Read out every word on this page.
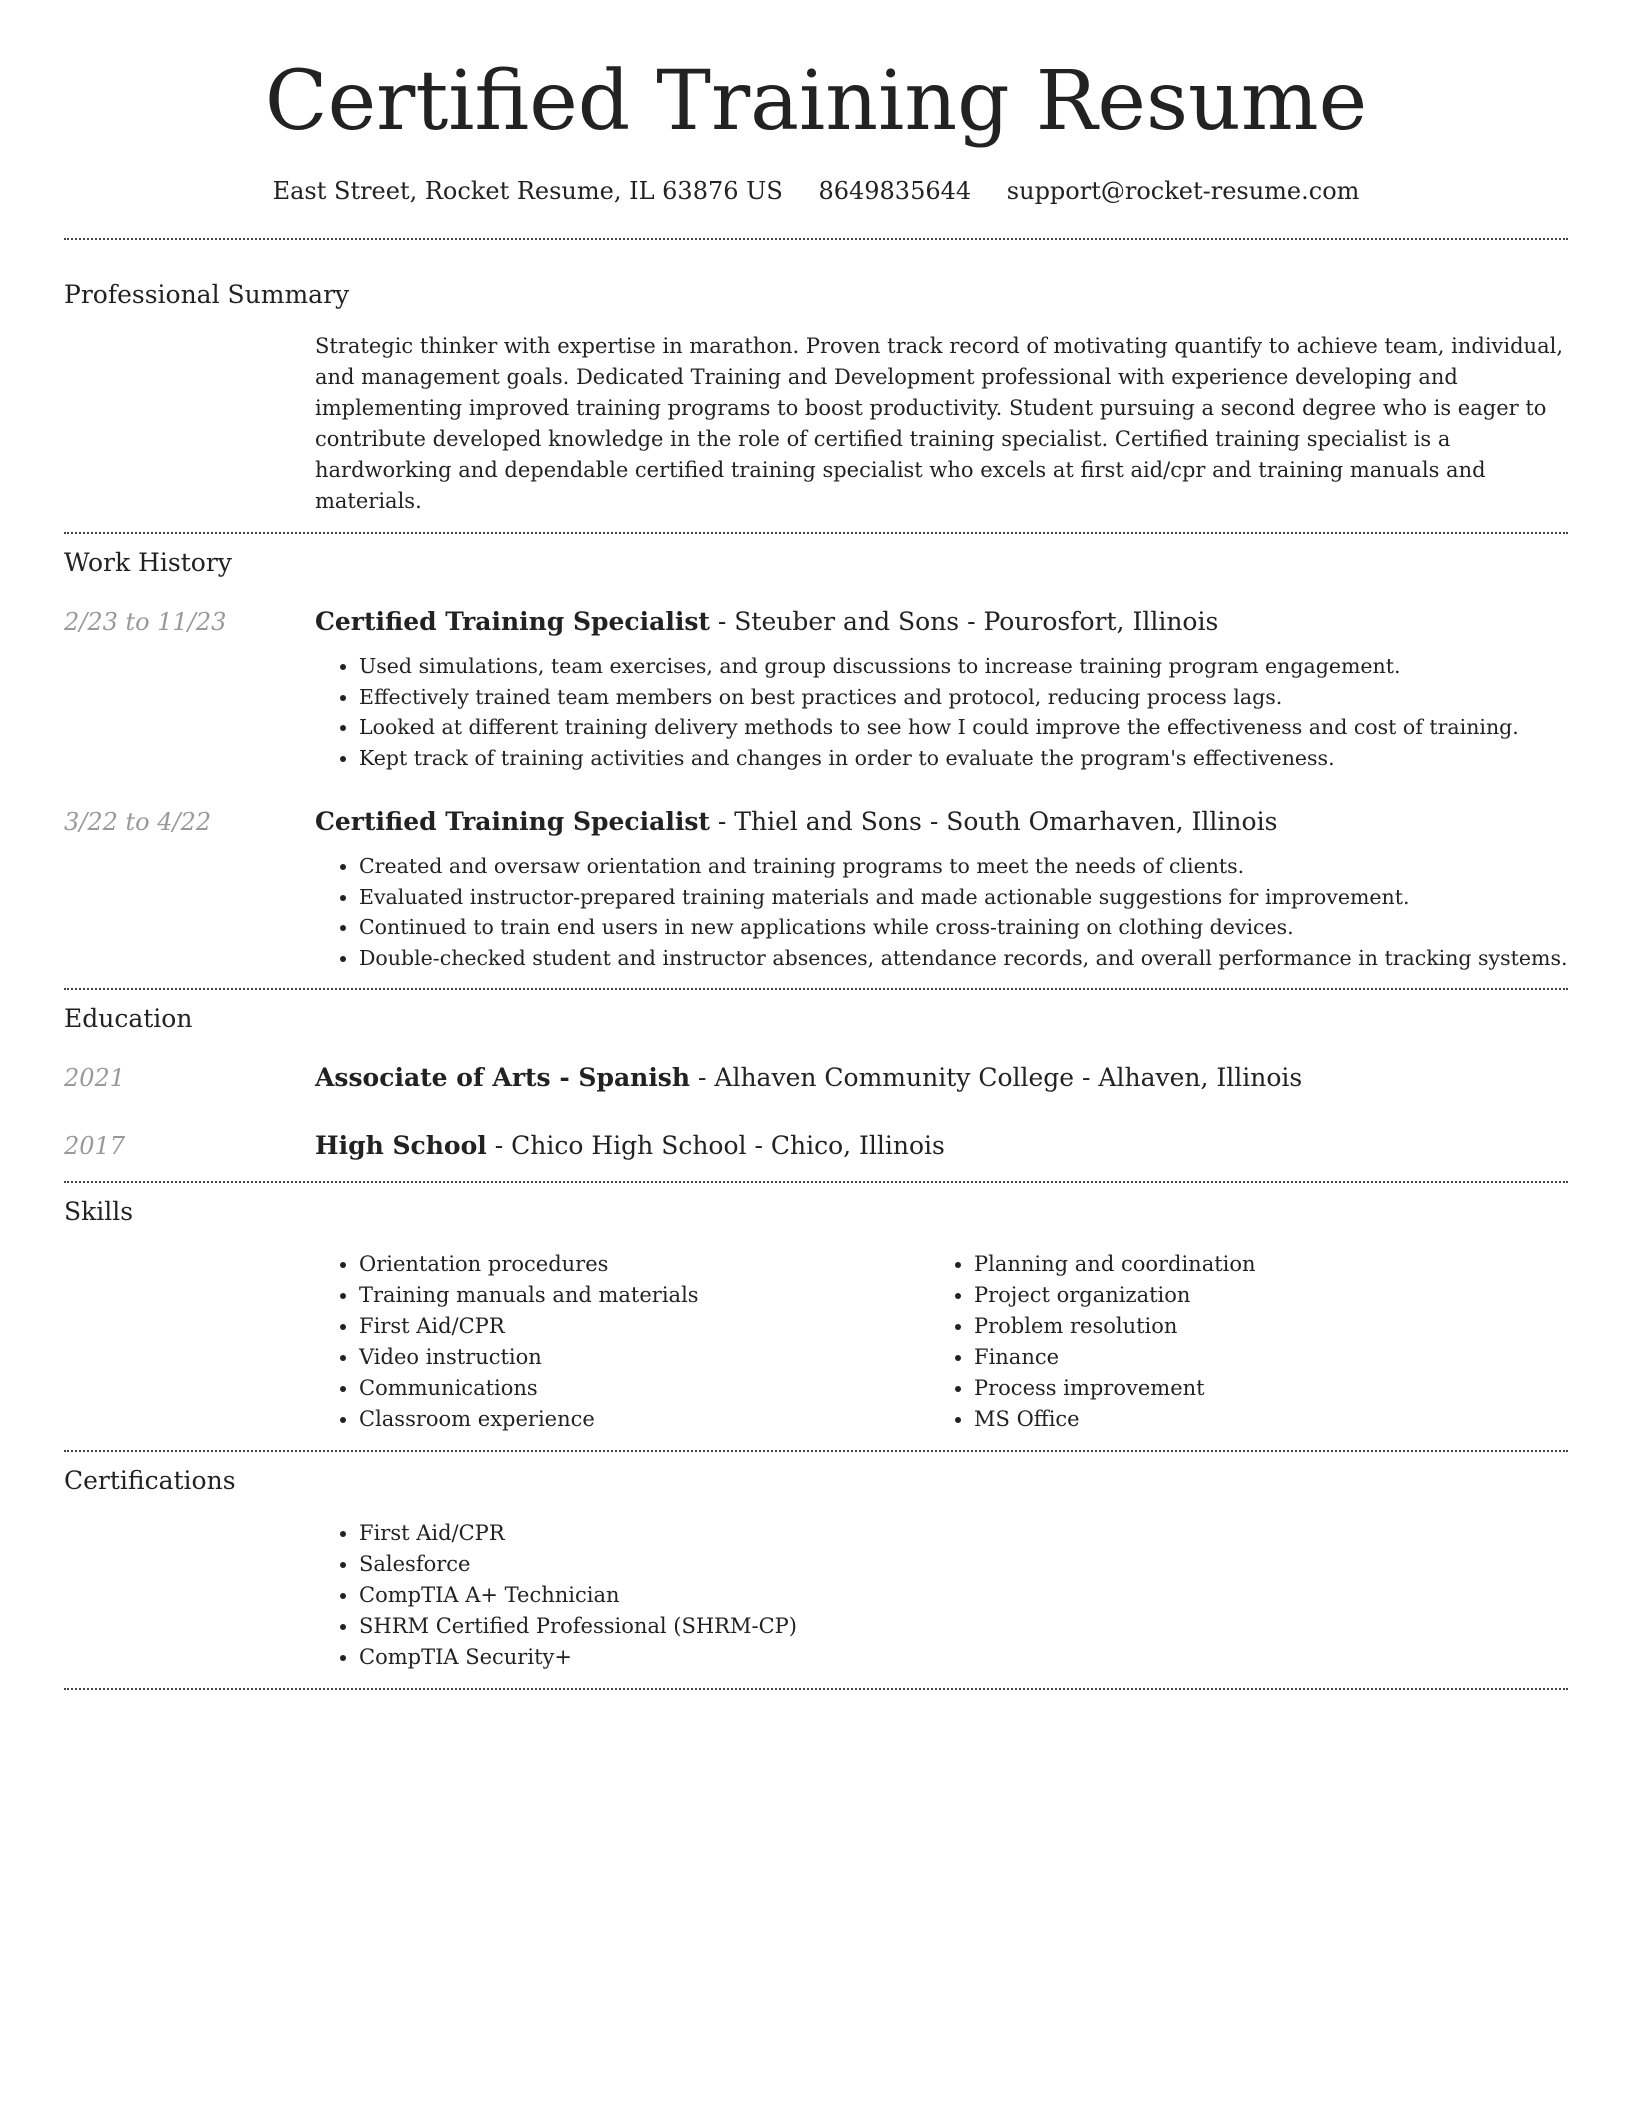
Certified Training Resume
East Street, Rocket Resume, IL 63876 US 8649835644 support@rocket-resume.com
Professional Summary

Strategic thinker with expertise in marathon. Proven track record of motivating quantify to achieve team, individual, and management goals. Dedicated Training and Development professional with experience developing and implementing improved training programs to boost productivity. Student pursuing a second degree who is eager to contribute developed knowledge in the role of certified training specialist. Certified training specialist is a hardworking and dependable certified training specialist who excels at first aid/cpr and training manuals and materials.

Work History
2/23 to 11/23	Certified Training Specialist - Steuber and Sons - Pourosfort, Illinois

• Used simulations, team exercises, and group discussions to increase training program engagement.
• Effectively trained team members on best practices and protocol, reducing process lags.
• Looked at different training delivery methods to see how I could improve the effectiveness and cost of training.
• Kept track of training activities and changes in order to evaluate the program's effectiveness.
3/22 to 4/22	Certified Training Specialist - Thiel and Sons - South Omarhaven, Illinois

• Created and oversaw orientation and training programs to meet the needs of clients.
• Evaluated instructor-prepared training materials and made actionable suggestions for improvement.
• Continued to train end users in new applications while cross-training on clothing devices.
• Double-checked student and instructor absences, attendance records, and overall performance in tracking systems.
Education
2021	Associate of Arts - Spanish - Alhaven Community College - Alhaven, Illinois

2017	High School - Chico High School - Chico, Illinois

Skills
• Orientation procedures
• Training manuals and materials
• First Aid/CPR
• Video instruction
• Communications
• Classroom experience
• Planning and coordination
• Project organization
• Problem resolution
• Finance
• Process improvement
• MS Office
Certifications
• First Aid/CPR
• Salesforce
• CompTIA A+ Technician
• SHRM Certified Professional (SHRM-CP)
• CompTIA Security+
